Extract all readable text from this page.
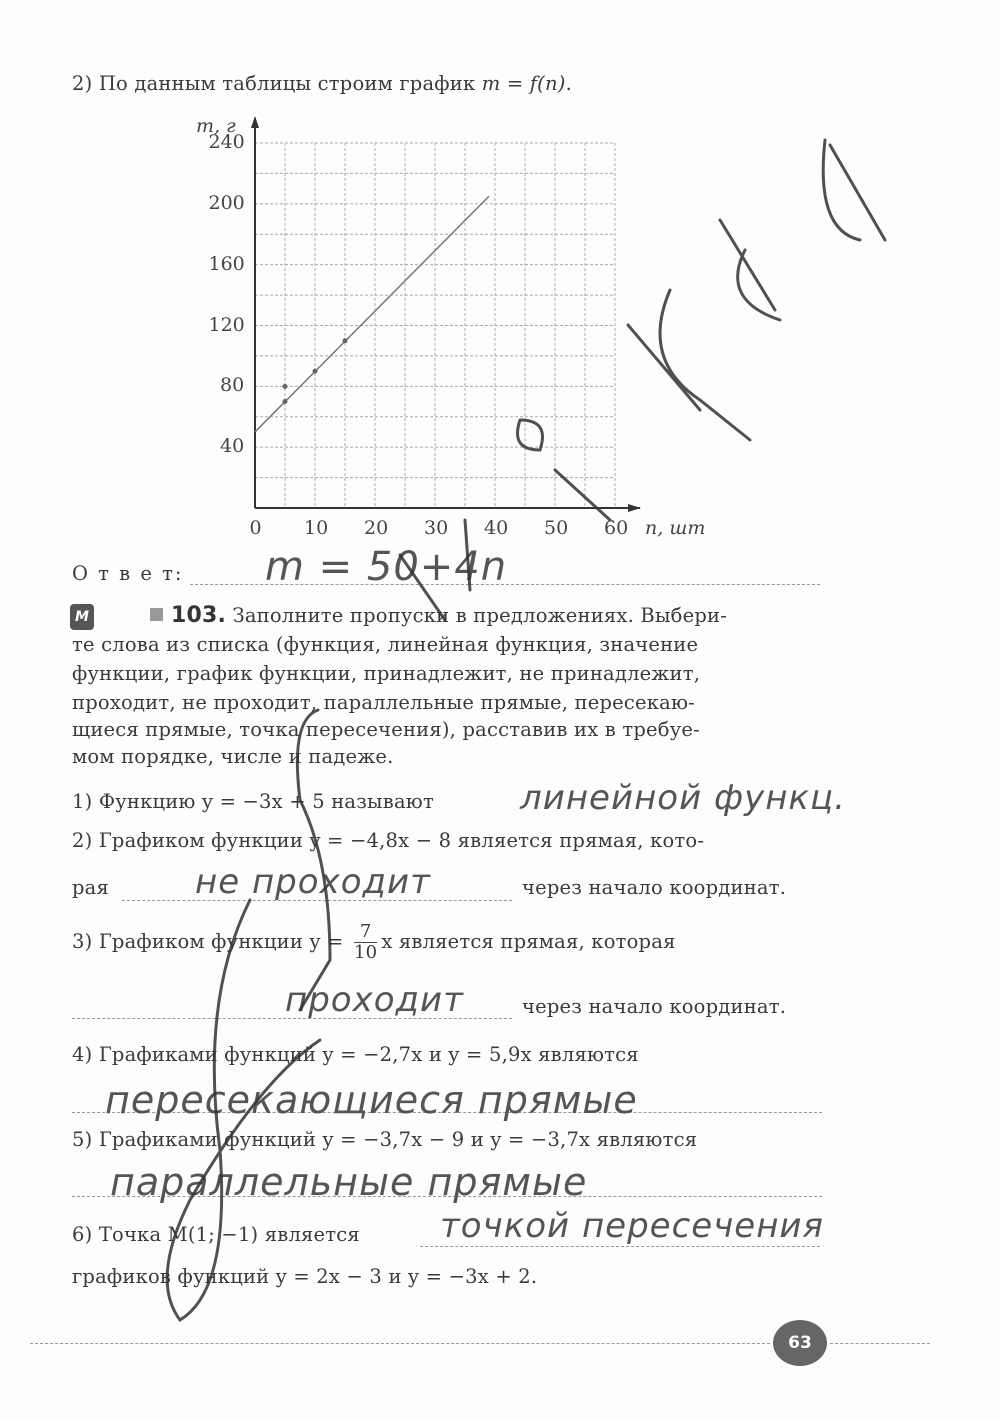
2) По данным таблицы строим график m = f(n).
m, г
n, шт
0 10 20 30 40 50 60
40
80
120
160
200
240
О т в е т: m = 50+4n
М	103. Заполните пропуски в предложениях. Выбери-
те слова из списка (функция, линейная функция, значение
функции, график функции, принадлежит, не принадлежит,
проходит, не проходит, параллельные прямые, пересекаю-
щиеся прямые, точка пересечения), расставив их в требуе-
мом порядке, числе и падеже.
1) Функцию y = −3x + 5 называют	линейной функц.
2) Графиком функции y = −4,8x − 8 является прямая, кото-
рая	не проходит	через начало координат.
3) Графиком функции $y = \frac{7}{10}$ x является прямая, которая
проходит	через начало координат.
4) Графиками функций y = −2,7x и y = 5,9x являются
пересекающиеся прямые
5) Графиками функций y = −3,7x − 9 и y = −3,7x являются
параллельные прямые
6) Точка M(1; −1) является точкой пересечения
графиков функций y = 2x − 3 и y = −3x + 2.
63
